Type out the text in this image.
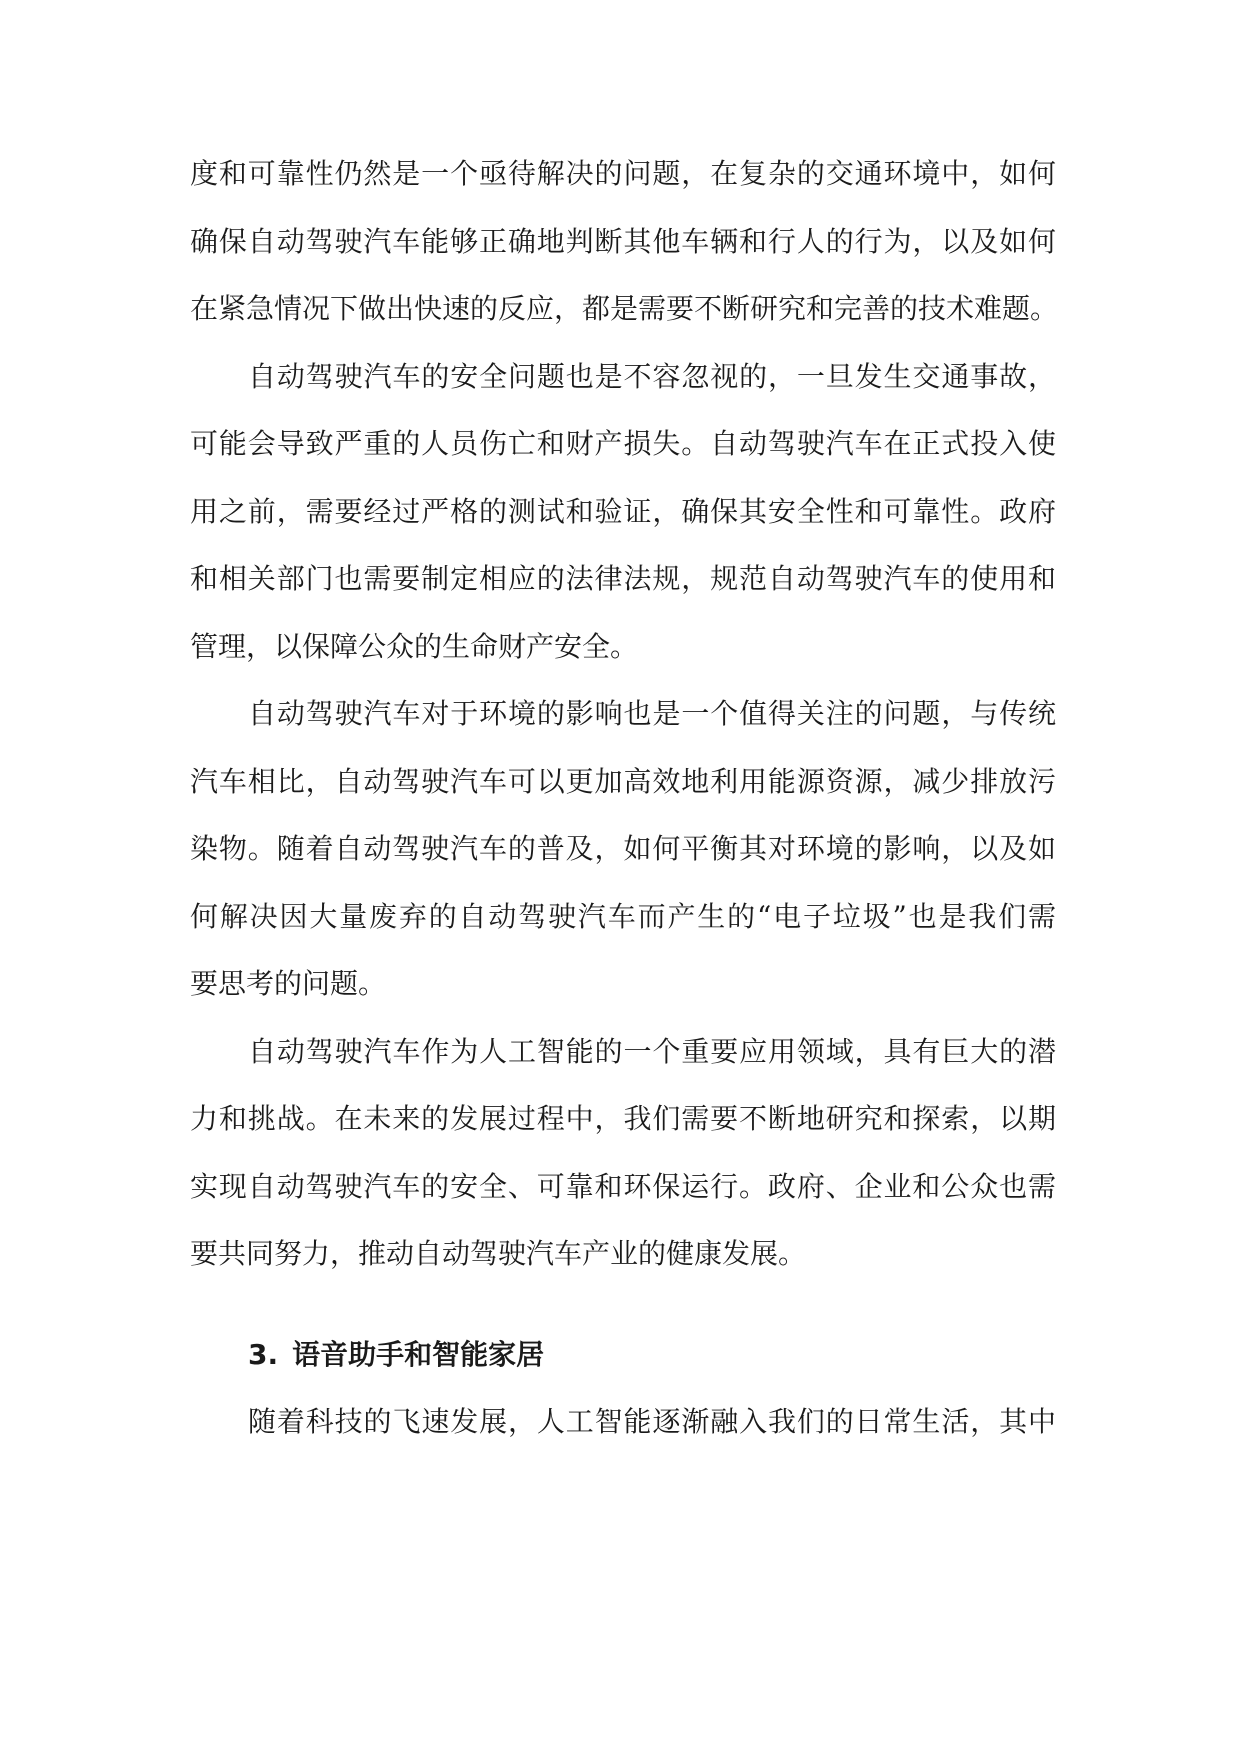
度和可靠性仍然是一个亟待解决的问题，在复杂的交通环境中，如何
确保自动驾驶汽车能够正确地判断其他车辆和行人的行为，以及如何
在紧急情况下做出快速的反应，都是需要不断研究和完善的技术难题。
自动驾驶汽车的安全问题也是不容忽视的，一旦发生交通事故，
可能会导致严重的人员伤亡和财产损失。自动驾驶汽车在正式投入使
用之前，需要经过严格的测试和验证，确保其安全性和可靠性。政府
和相关部门也需要制定相应的法律法规，规范自动驾驶汽车的使用和
管理，以保障公众的生命财产安全。
自动驾驶汽车对于环境的影响也是一个值得关注的问题，与传统
汽车相比，自动驾驶汽车可以更加高效地利用能源资源，减少排放污
染物。随着自动驾驶汽车的普及，如何平衡其对环境的影响，以及如
何解决因大量废弃的自动驾驶汽车而产生的“电子垃圾”也是我们需
要思考的问题。
自动驾驶汽车作为人工智能的一个重要应用领域，具有巨大的潜
力和挑战。在未来的发展过程中，我们需要不断地研究和探索，以期
实现自动驾驶汽车的安全、可靠和环保运行。政府、企业和公众也需
要共同努力，推动自动驾驶汽车产业的健康发展。
3. 语音助手和智能家居
随着科技的飞速发展，人工智能逐渐融入我们的日常生活，其中
